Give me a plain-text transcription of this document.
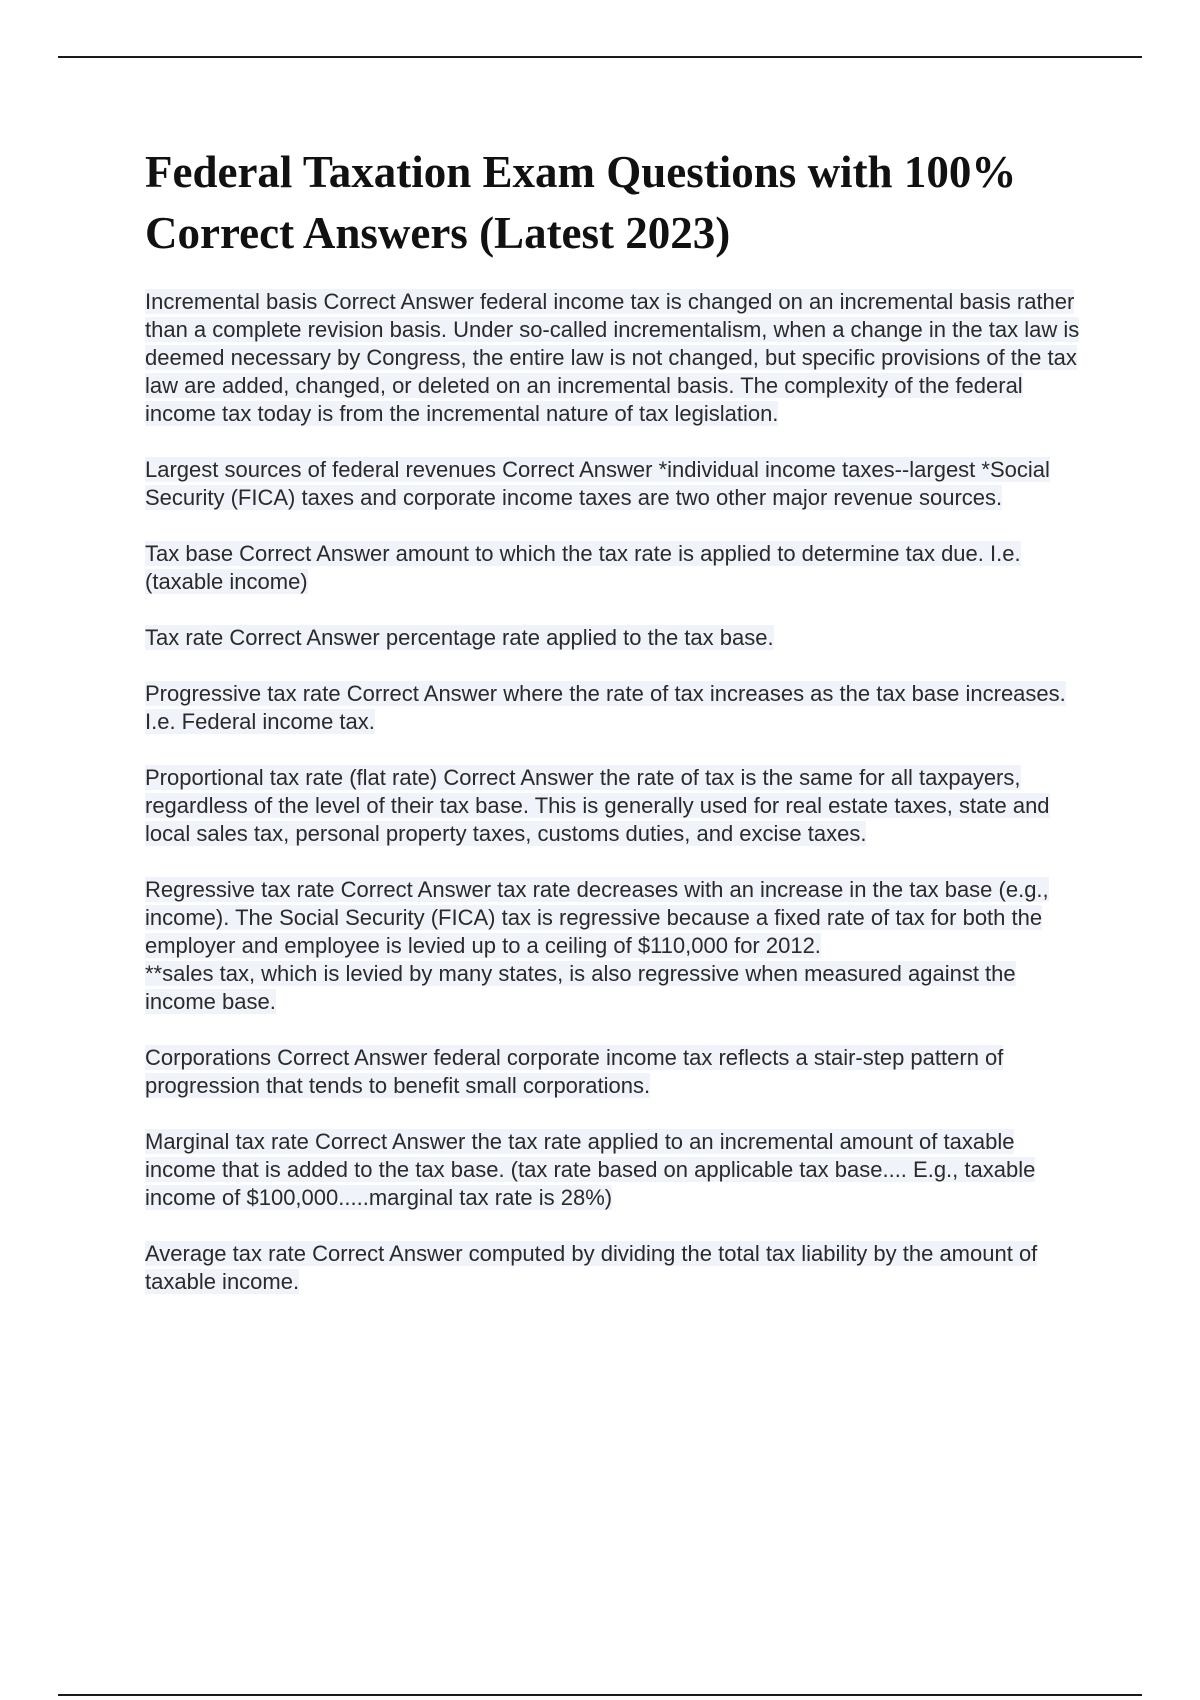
Federal Taxation Exam Questions with 100% Correct Answers (Latest 2023)

Incremental basis Correct Answer federal income tax is changed on an incremental basis rather than a complete revision basis. Under so-called incrementalism, when a change in the tax law is deemed necessary by Congress, the entire law is not changed, but specific provisions of the tax law are added, changed, or deleted on an incremental basis. The complexity of the federal income tax today is from the incremental nature of tax legislation.

Largest sources of federal revenues Correct Answer *individual income taxes--largest *Social Security (FICA) taxes and corporate income taxes are two other major revenue sources.

Tax base Correct Answer amount to which the tax rate is applied to determine tax due. I.e. (taxable income)

Tax rate Correct Answer percentage rate applied to the tax base.

Progressive tax rate Correct Answer where the rate of tax increases as the tax base increases.
I.e. Federal income tax.

Proportional tax rate (flat rate) Correct Answer the rate of tax is the same for all taxpayers, regardless of the level of their tax base. This is generally used for real estate taxes, state and local sales tax, personal property taxes, customs duties, and excise taxes.

Regressive tax rate Correct Answer tax rate decreases with an increase in the tax base (e.g., income). The Social Security (FICA) tax is regressive because a fixed rate of tax for both the employer and employee is levied up to a ceiling of $110,000 for 2012.
**sales tax, which is levied by many states, is also regressive when measured against the income base.

Corporations Correct Answer federal corporate income tax reflects a stair-step pattern of progression that tends to benefit small corporations.

Marginal tax rate Correct Answer the tax rate applied to an incremental amount of taxable income that is added to the tax base. (tax rate based on applicable tax base.... E.g., taxable income of $100,000.....marginal tax rate is 28%)

Average tax rate Correct Answer computed by dividing the total tax liability by the amount of taxable income.
